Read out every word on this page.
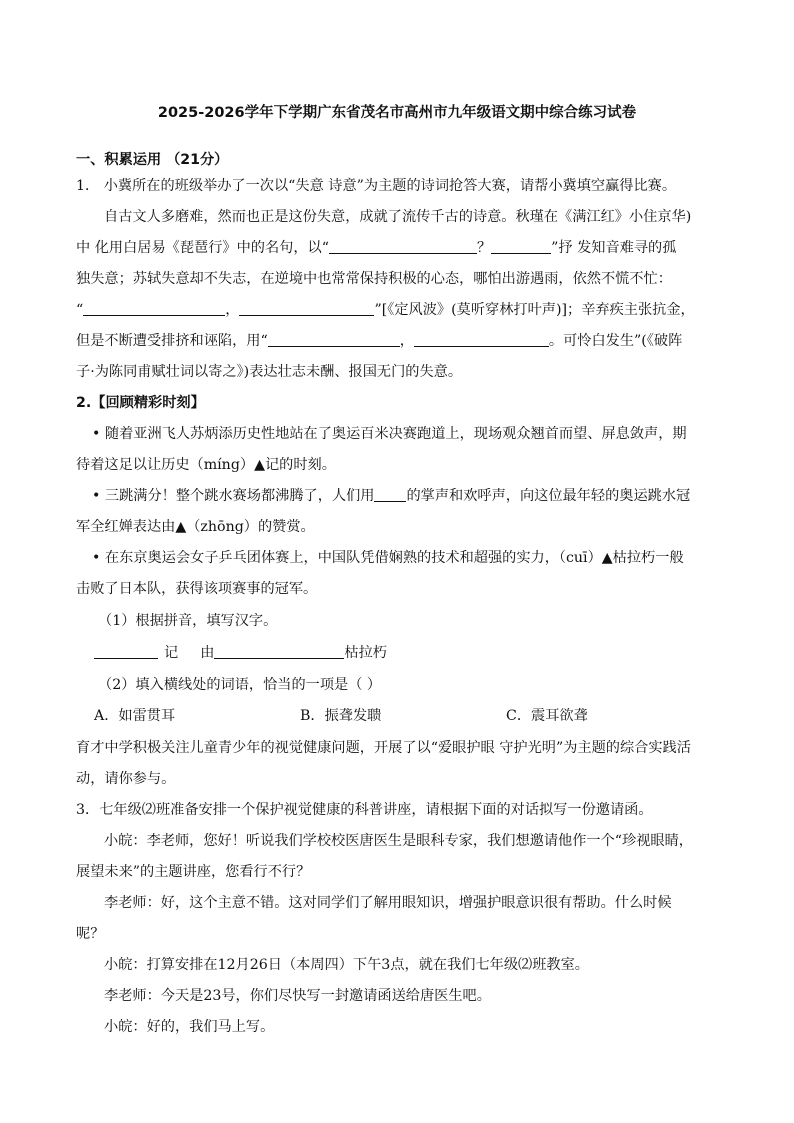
2025-2026学年下学期广东省茂名市高州市九年级语文期中综合练习试卷
一、积累运用 （21分）
1． 小冀所在的班级举办了一次以“失意 诗意”为主题的诗词抢答大赛，请帮小冀填空赢得比赛。
自古文人多磨难，然而也正是这份失意，成就了流传千古的诗意。秋瑾在《满江红》小住京华)
中 化用白居易《琵琶行》中的名句，以“	？	”抒 发知音难寻的孤
独失意；苏轼失意却不失志，在逆境中也常常保持积极的心态，哪怕出游遇雨，依然不慌不忙：
“	，	”[《定风波》(莫听穿林打叶声)]；辛弃疾主张抗金，
但是不断遭受排挤和诬陷，用“	，	。可怜白发生”(《破阵
子·为陈同甫赋壮词以寄之》)表达壮志未酬、报国无门的失意。
2.【回顾精彩时刻】
• 随着亚洲飞人苏炳添历史性地站在了奥运百米决赛跑道上，现场观众翘首而望、屏息敛声，期
待着这足以让历史（míng）▲记的时刻。
• 三跳满分！整个跳水赛场都沸腾了，人们用 的掌声和欢呼声，向这位最年轻的奥运跳水冠
军全红婵表达由▲（zhōng）的赞赏。
• 在东京奥运会女子乒乓团体赛上，中国队凭借娴熟的技术和超强的实力，（cuī）▲枯拉朽一般
击败了日本队，获得该项赛事的冠军。
（1）根据拼音，填写汉字。
记 由	枯拉朽
（2）填入横线处的词语，恰当的一项是（ ）
A．如雷贯耳	B．振聋发聩	C．震耳欲聋
育才中学积极关注儿童青少年的视觉健康问题，开展了以“爱眼护眼 守护光明”为主题的综合实践活
动，请你参与。
3．七年级⑵班准备安排一个保护视觉健康的科普讲座，请根据下面的对话拟写一份邀请函。
小皖：李老师，您好！听说我们学校校医唐医生是眼科专家，我们想邀请他作一个“珍视眼睛，
展望未来”的主题讲座，您看行不行？
李老师：好，这个主意不错。这对同学们了解用眼知识，增强护眼意识很有帮助。什么时候
呢？
小皖：打算安排在12月26日（本周四）下午3点，就在我们七年级⑵班教室。
李老师：今天是23号，你们尽快写一封邀请函送给唐医生吧。
小皖：好的，我们马上写。
